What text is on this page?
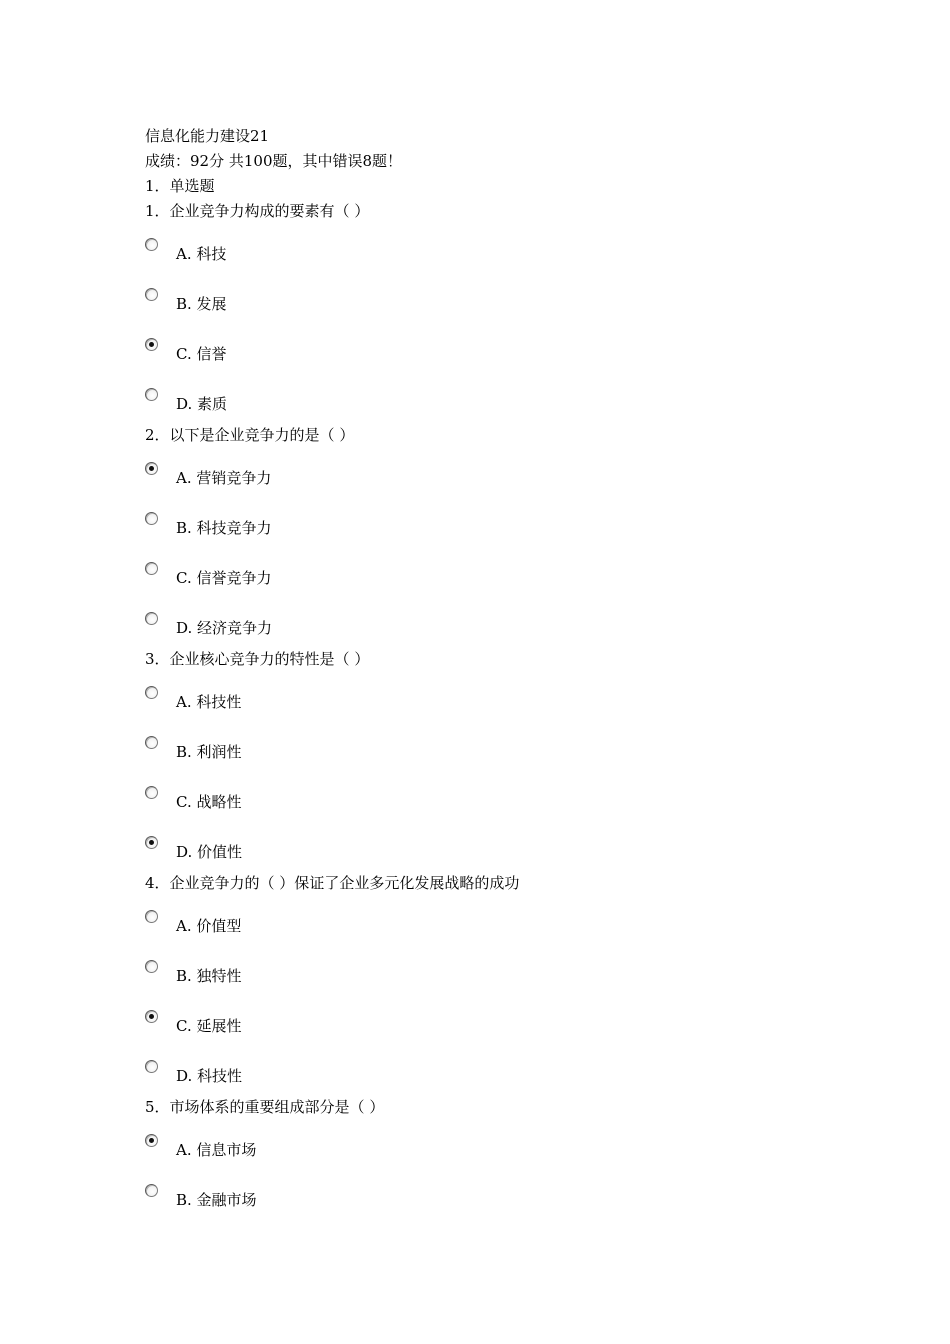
信息化能力建设21
成绩：92分 共100题，其中错误8题！
1．单选题
1．企业竞争力构成的要素有（ ）
A. 科技
B. 发展
C. 信誉
D. 素质
2．以下是企业竞争力的是（ ）
A. 营销竞争力
B. 科技竞争力
C. 信誉竞争力
D. 经济竞争力
3．企业核心竞争力的特性是（ ）
A. 科技性
B. 利润性
C. 战略性
D. 价值性
4．企业竞争力的（ ）保证了企业多元化发展战略的成功
A. 价值型
B. 独特性
C. 延展性
D. 科技性
5．市场体系的重要组成部分是（ ）
A. 信息市场
B. 金融市场
